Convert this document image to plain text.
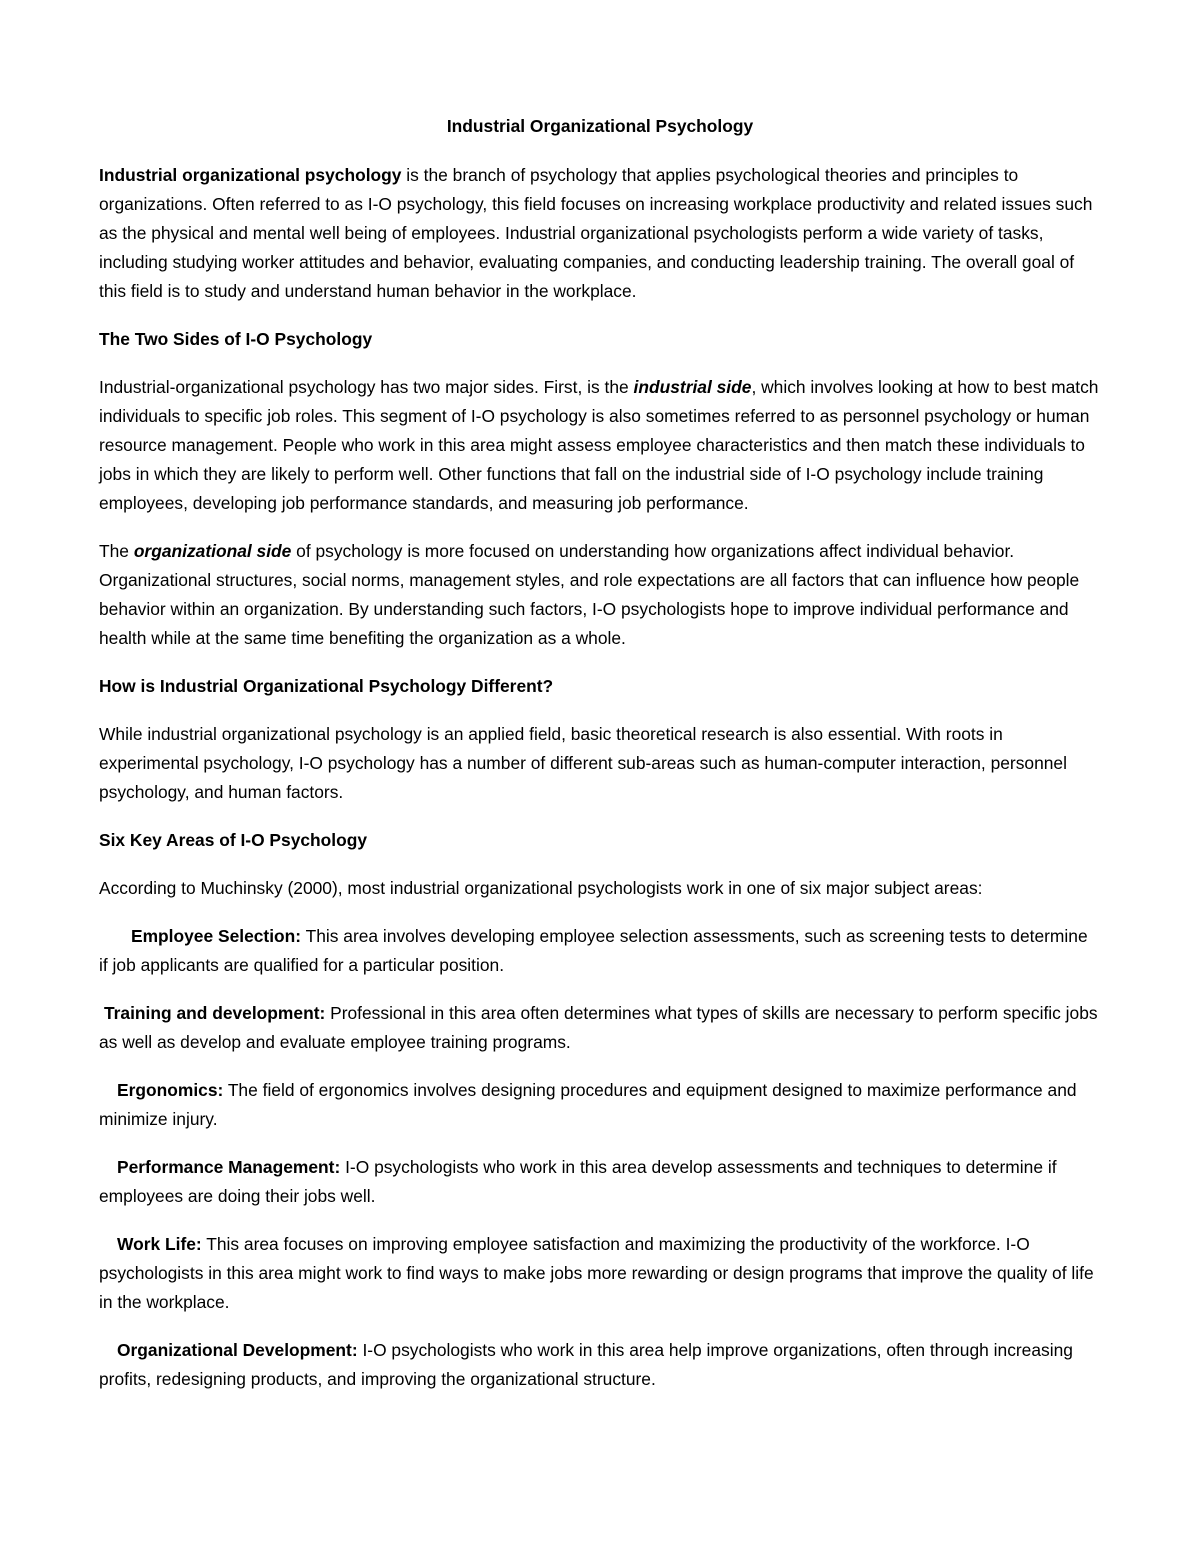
Industrial Organizational Psychology

Industrial organizational psychology is the branch of psychology that applies psychological theories and principles to organizations. Often referred to as I-O psychology, this field focuses on increasing workplace productivity and related issues such as the physical and mental well being of employees. Industrial organizational psychologists perform a wide variety of tasks, including studying worker attitudes and behavior, evaluating companies, and conducting leadership training. The overall goal of this field is to study and understand human behavior in the workplace.

The Two Sides of I-O Psychology

Industrial-organizational psychology has two major sides. First, is the industrial side, which involves looking at how to best match individuals to specific job roles. This segment of I-O psychology is also sometimes referred to as personnel psychology or human resource management. People who work in this area might assess employee characteristics and then match these individuals to jobs in which they are likely to perform well. Other functions that fall on the industrial side of I-O psychology include training employees, developing job performance standards, and measuring job performance.

The organizational side of psychology is more focused on understanding how organizations affect individual behavior. Organizational structures, social norms, management styles, and role expectations are all factors that can influence how people behavior within an organization. By understanding such factors, I-O psychologists hope to improve individual performance and health while at the same time benefiting the organization as a whole.

How is Industrial Organizational Psychology Different?

While industrial organizational psychology is an applied field, basic theoretical research is also essential. With roots in experimental psychology, I-O psychology has a number of different sub-areas such as human-computer interaction, personnel psychology, and human factors.

Six Key Areas of I-O Psychology

According to Muchinsky (2000), most industrial organizational psychologists work in one of six major subject areas:

Employee Selection: This area involves developing employee selection assessments, such as screening tests to determine if job applicants are qualified for a particular position.

Training and development: Professional in this area often determines what types of skills are necessary to perform specific jobs as well as develop and evaluate employee training programs.

Ergonomics: The field of ergonomics involves designing procedures and equipment designed to maximize performance and minimize injury.

Performance Management: I-O psychologists who work in this area develop assessments and techniques to determine if employees are doing their jobs well.

Work Life: This area focuses on improving employee satisfaction and maximizing the productivity of the workforce. I-O psychologists in this area might work to find ways to make jobs more rewarding or design programs that improve the quality of life in the workplace.

Organizational Development: I-O psychologists who work in this area help improve organizations, often through increasing profits, redesigning products, and improving the organizational structure.
